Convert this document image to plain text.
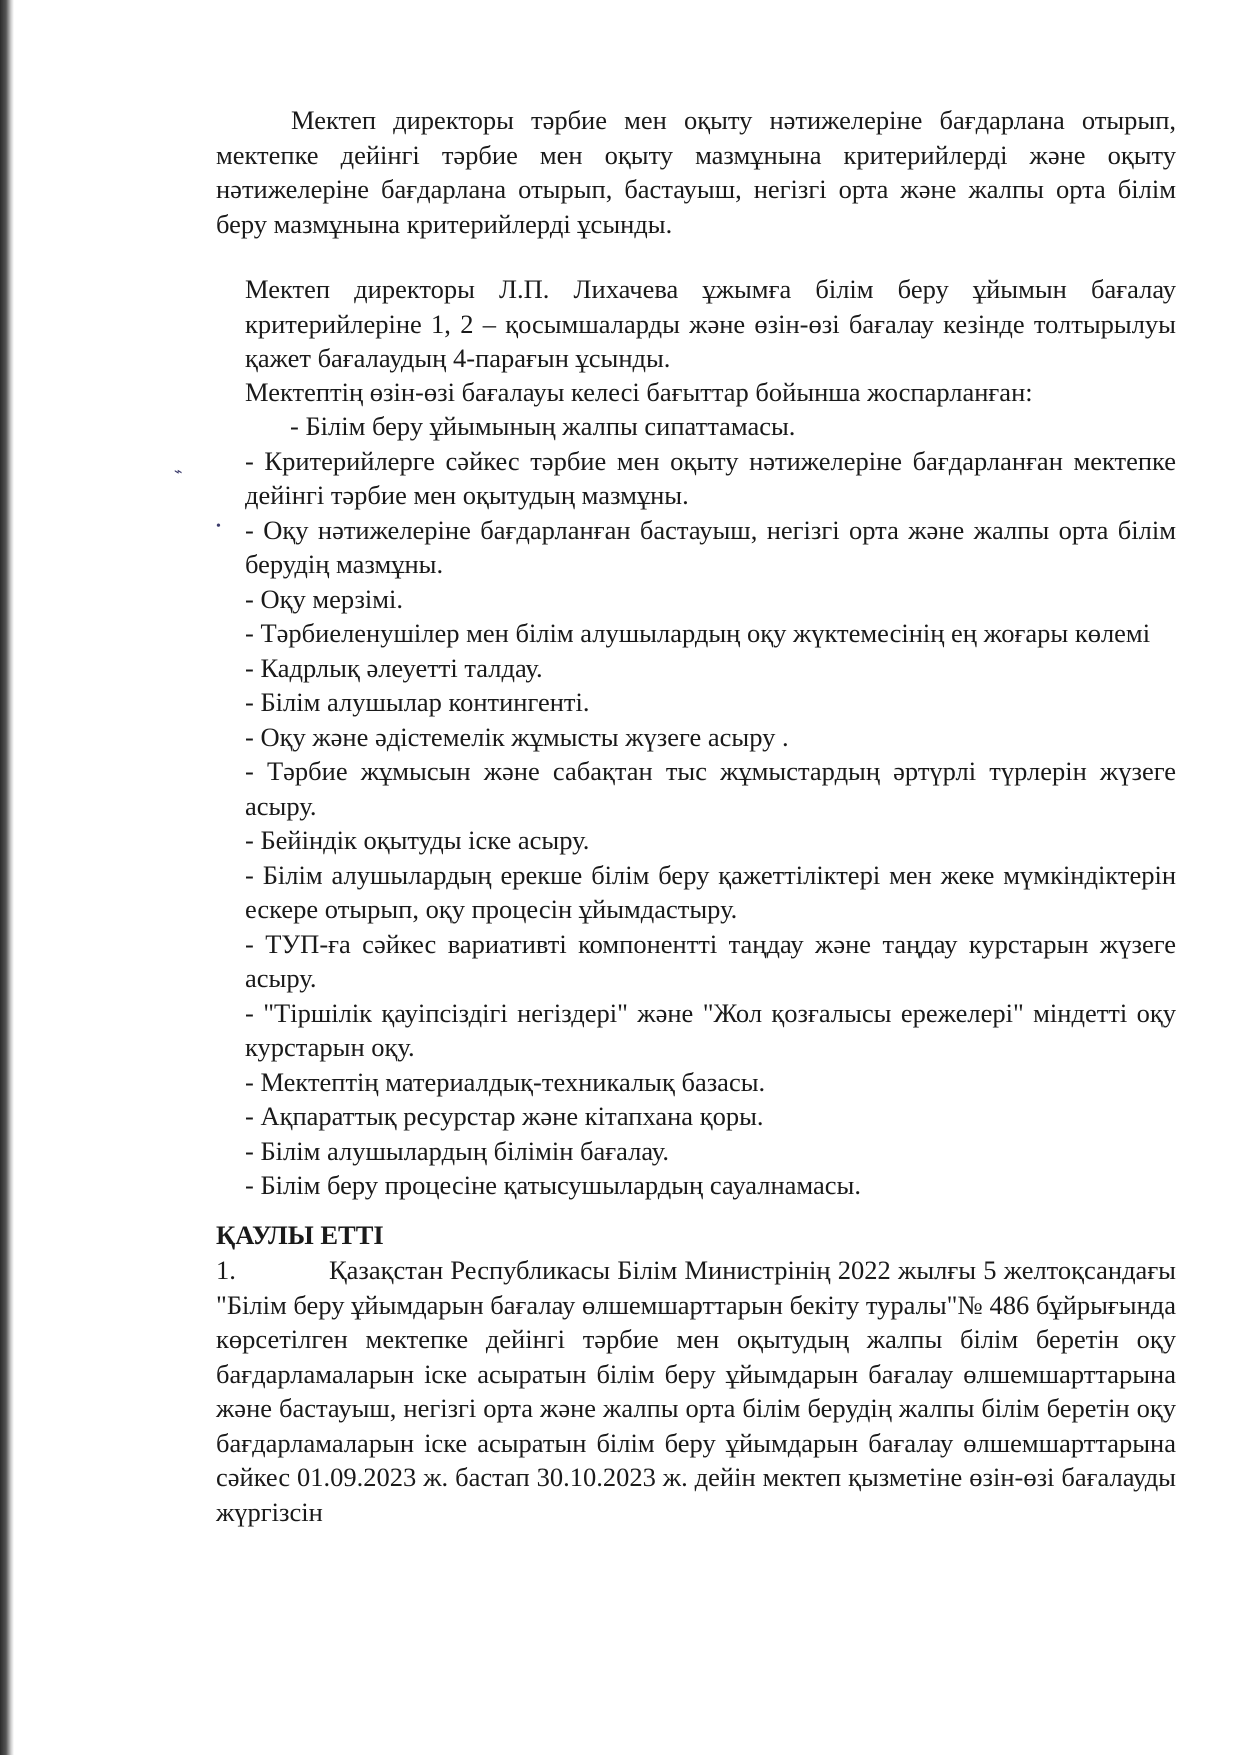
Мектеп директоры тәрбие мен оқыту нәтижелеріне бағдарлана отырып, мектепке дейінгі тәрбие мен оқыту мазмұнына критерийлерді және оқыту нәтижелеріне бағдарлана отырып, бастауыш, негізгі орта және жалпы орта білім беру мазмұнына критерийлерді ұсынды.

Мектеп директоры Л.П. Лихачева ұжымға білім беру ұйымын бағалау критерийлеріне 1, 2 – қосымшаларды және өзін-өзі бағалау кезінде толтырылуы қажет бағалаудың 4-парағын ұсынды.

Мектептің өзін-өзі бағалауы келесі бағыттар бойынша жоспарланған:

- Білім беру ұйымының жалпы сипаттамасы.
- Критерийлерге сәйкес тәрбие мен оқыту нәтижелеріне бағдарланған мектепке дейінгі тәрбие мен оқытудың мазмұны.
- Оқу нәтижелеріне бағдарланған бастауыш, негізгі орта және жалпы орта білім берудің мазмұны.
- Оқу мерзімі.
- Тәрбиеленушілер мен білім алушылардың оқу жүктемесінің ең жоғары көлемі
- Кадрлық әлеуетті талдау.
- Білім алушылар контингенті.
- Оқу және әдістемелік жұмысты жүзеге асыру .
- Тәрбие жұмысын және сабақтан тыс жұмыстардың әртүрлі түрлерін жүзеге асыру.
- Бейіндік оқытуды іске асыру.
- Білім алушылардың ерекше білім беру қажеттіліктері мен жеке мүмкіндіктерін ескере отырып, оқу процесін ұйымдастыру.
- ТУП-ға сәйкес вариативті компонентті таңдау және таңдау курстарын жүзеге асыру.
- "Тіршілік қауіпсіздігі негіздері" және "Жол қозғалысы ережелері" міндетті оқу курстарын оқу.
- Мектептің материалдық-техникалық базасы.
- Ақпараттық ресурстар және кітапхана қоры.
- Білім алушылардың білімін бағалау.
- Білім беру процесіне қатысушылардың сауалнамасы.
ҚАУЛЫ ЕТТІ

1.	Қазақстан Республикасы Білім Министрінің 2022 жылғы 5 желтоқсандағы "Білім беру ұйымдарын бағалау өлшемшарттарын бекіту туралы"№ 486 бұйрығында көрсетілген мектепке дейінгі тәрбие мен оқытудың жалпы білім беретін оқу бағдарламаларын іске асыратын білім беру ұйымдарын бағалау өлшемшарттарына және бастауыш, негізгі орта және жалпы орта білім берудің жалпы білім беретін оқу бағдарламаларын іске асыратын білім беру ұйымдарын бағалау өлшемшарттарына сәйкес 01.09.2023 ж. бастап 30.10.2023 ж. дейін мектеп қызметіне өзін-өзі бағалауды жүргізсін

⌁
•
